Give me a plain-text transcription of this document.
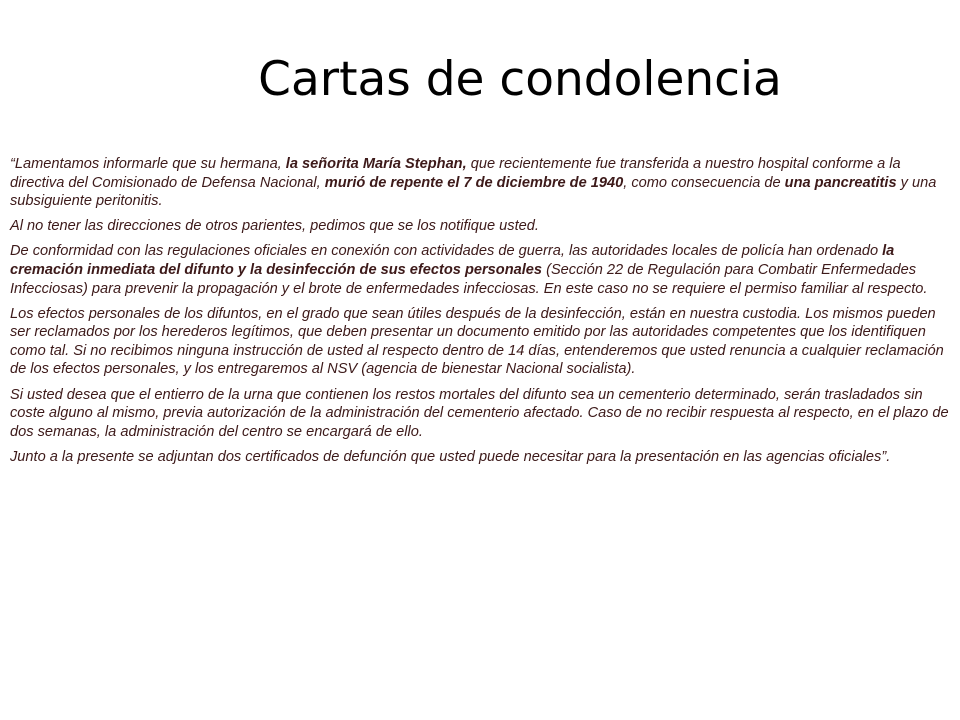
Cartas de condolencia

“Lamentamos informarle que su hermana, la señorita María Stephan, que recientemente fue transferida a nuestro hospital conforme a la directiva del Comisionado de Defensa Nacional, murió de repente el 7 de diciembre de 1940, como consecuencia de una pancreatitis y una subsiguiente peritonitis.

Al no tener las direcciones de otros parientes, pedimos que se los notifique usted.

De conformidad con las regulaciones oficiales en conexión con actividades de guerra, las autoridades locales de policía han ordenado la cremación inmediata del difunto y la desinfección de sus efectos personales (Sección 22 de Regulación para Combatir Enfermedades Infecciosas) para prevenir la propagación y el brote de enfermedades infecciosas. En este caso no se requiere el permiso familiar al respecto.

Los efectos personales de los difuntos, en el grado que sean útiles después de la desinfección, están en nuestra custodia. Los mismos pueden ser reclamados por los herederos legítimos, que deben presentar un documento emitido por las autoridades competentes que los identifiquen como tal. Si no recibimos ninguna instrucción de usted al respecto dentro de 14 días, entenderemos que usted renuncia a cualquier reclamación de los efectos personales, y los entregaremos al NSV (agencia de bienestar Nacional socialista).

Si usted desea que el entierro de la urna que contienen los restos mortales del difunto sea un cementerio determinado, serán trasladados sin coste alguno al mismo, previa autorización de la administración del cementerio afectado. Caso de no recibir respuesta al respecto, en el plazo de dos semanas, la administración del centro se encargará de ello.

Junto a la presente se adjuntan dos certificados de defunción que usted puede necesitar para la presentación en las agencias oficiales”.
